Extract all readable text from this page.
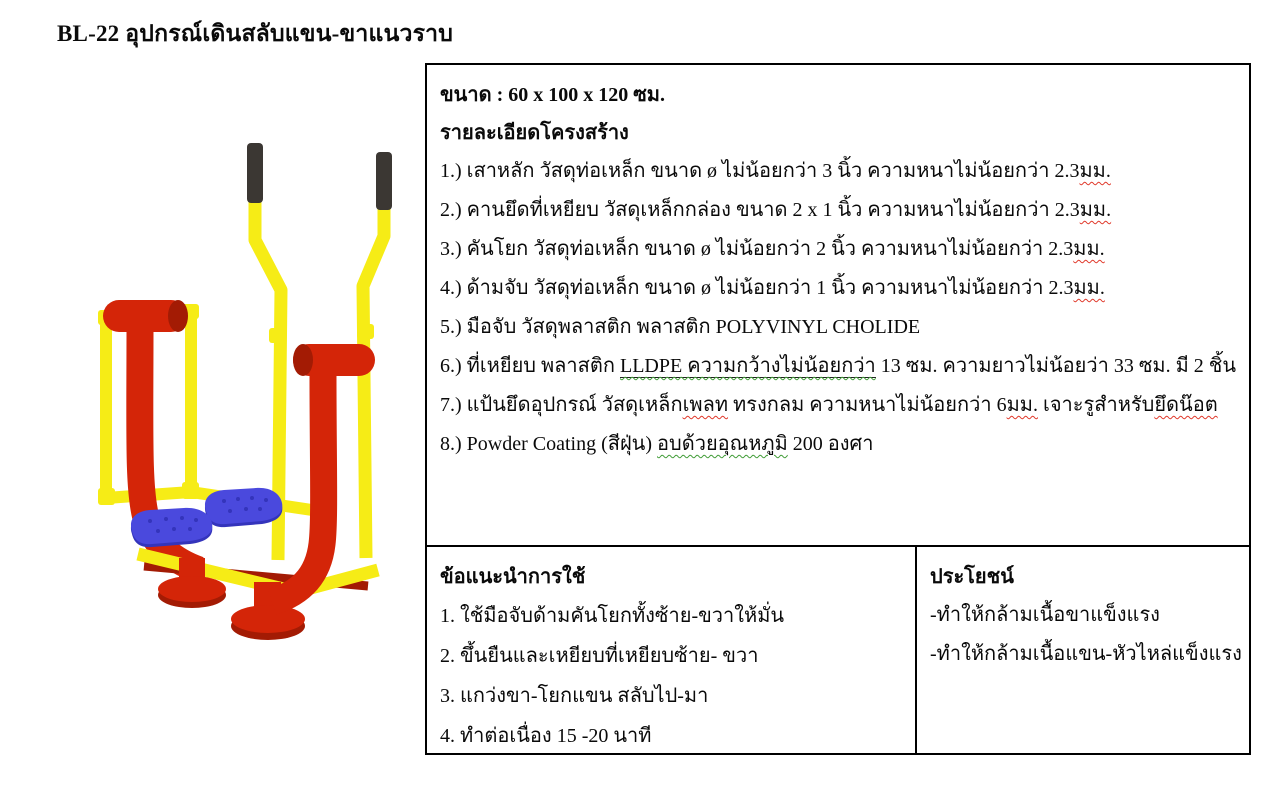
BL-22 อุปกรณ์เดินสลับแขน-ขาแนวราบ
ขนาด : 60 x 100 x 120 ซม.
รายละเอียดโครงสร้าง
1.) เสาหลัก วัสดุท่อเหล็ก ขนาด ø ไม่น้อยกว่า 3 นิ้ว ความหนาไม่น้อยกว่า 2.3มม.
2.) คานยึดที่เหยียบ วัสดุเหล็กกล่อง ขนาด 2 x 1 นิ้ว ความหนาไม่น้อยกว่า 2.3มม.
3.) คันโยก วัสดุท่อเหล็ก ขนาด ø ไม่น้อยกว่า 2 นิ้ว ความหนาไม่น้อยกว่า 2.3มม.
4.) ด้ามจับ วัสดุท่อเหล็ก ขนาด ø ไม่น้อยกว่า 1 นิ้ว ความหนาไม่น้อยกว่า 2.3มม.
5.) มือจับ วัสดุพลาสติก พลาสติก POLYVINYL CHOLIDE
6.) ที่เหยียบ พลาสติก LLDPE ความกว้างไม่น้อยกว่า 13 ซม. ความยาวไม่น้อยว่า 33 ซม. มี 2 ชิ้น
7.) แป้นยึดอุปกรณ์ วัสดุเหล็กเพลท ทรงกลม ความหนาไม่น้อยกว่า 6มม. เจาะรูสำหรับยึดน๊อต
8.) Powder Coating (สีฝุ่น) อบด้วยอุณหภูมิ 200 องศา
ข้อแนะนำการใช้
1. ใช้มือจับด้ามคันโยกทั้งซ้าย-ขวาให้มั่น
2. ขึ้นยืนและเหยียบที่เหยียบซ้าย- ขวา
3. แกว่งขา-โยกแขน สลับไป-มา
4. ทำต่อเนื่อง 15 -20 นาที
ประโยชน์
-ทำให้กล้ามเนื้อขาแข็งแรง
-ทำให้กล้ามเนื้อแขน-หัวไหล่แข็งแรง
